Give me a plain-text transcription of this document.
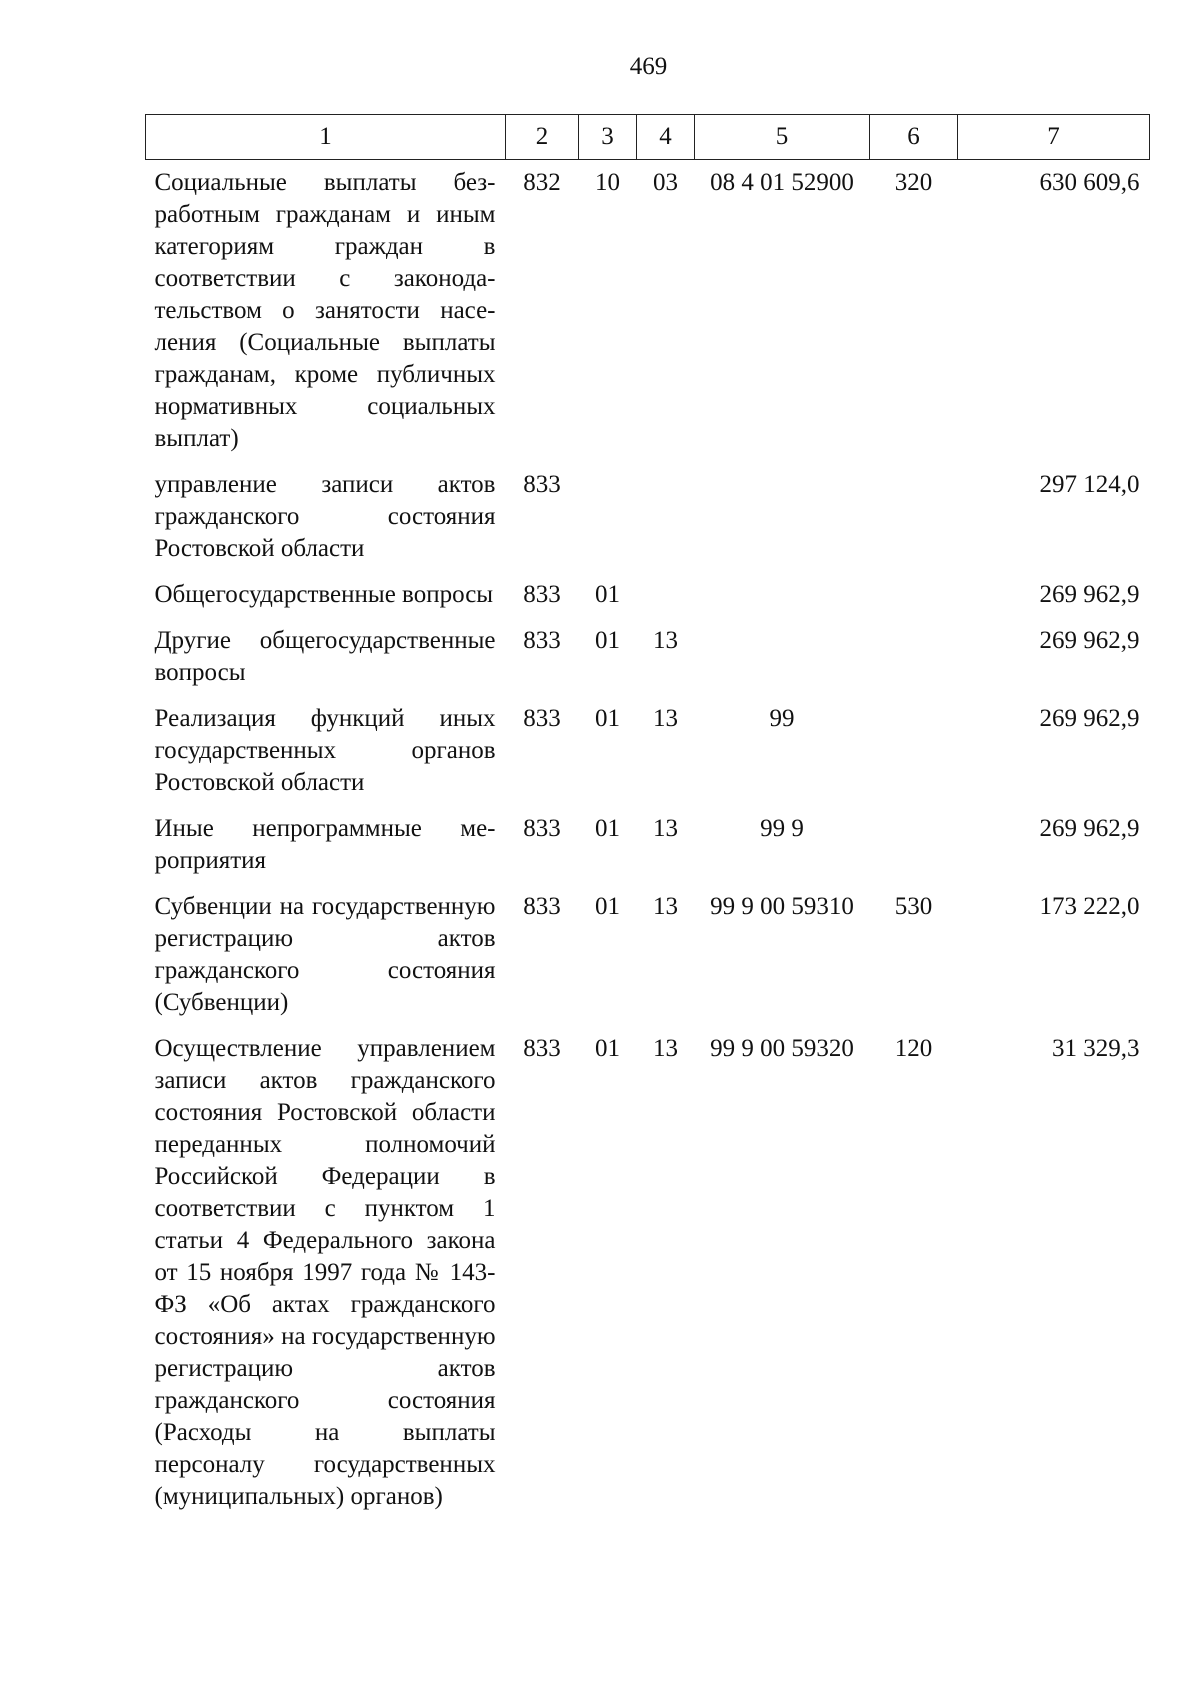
469
1	2	3	4	5	6	7
Социальные выплаты безработным гражданам и иным категориям граждан в соответствии с законодательством о занятости населения (Социальные выплаты гражданам, кроме публичных нормативных социальных выплат)	832	10	03	08 4 01 52900	320	630 609,6
управление записи актов гражданского состояния Ростовской области	833					297 124,0
Общегосударственные вопросы	833	01				269 962,9
Другие общегосударственные вопросы	833	01	13			269 962,9
Реализация функций иных государственных органов Ростовской области	833	01	13	99		269 962,9
Иные непрограммные мероприятия	833	01	13	99 9		269 962,9
Субвенции на государственную регистрацию актов гражданского состояния (Субвенции)	833	01	13	99 9 00 59310	530	173 222,0
Осуществление управлением записи актов гражданского состояния Ростовской области переданных полномочий Российской Федерации в соответствии с пунктом 1 статьи 4 Федерального закона от 15 ноября 1997 года № 143-ФЗ «Об актах гражданского состояния» на государственную регистрацию актов гражданского состояния (Расходы на выплаты персоналу государственных (муниципальных) органов)	833	01	13	99 9 00 59320	120	31 329,3
